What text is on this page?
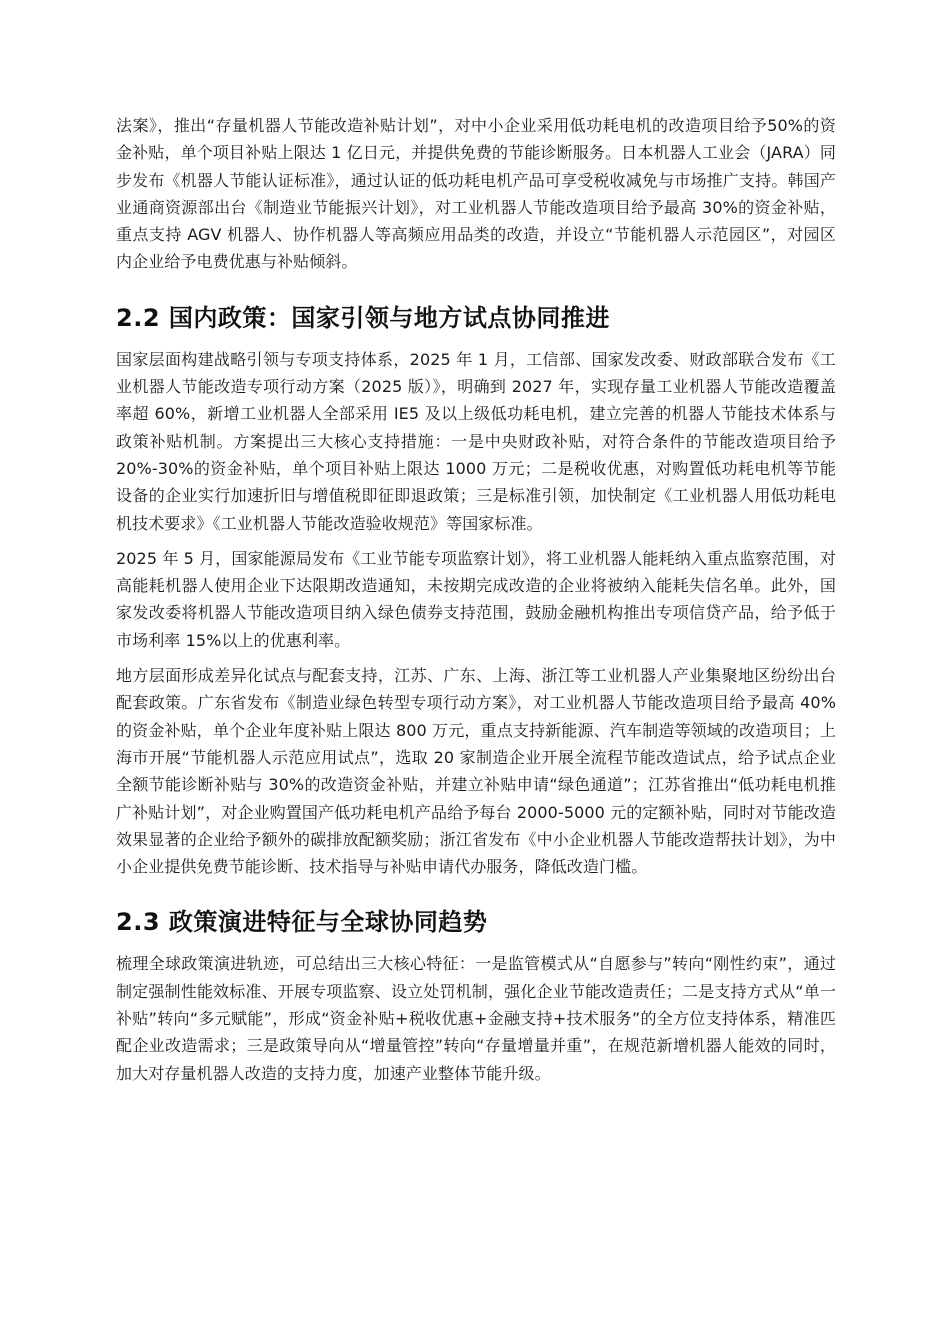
法案》，推出“存量机器人节能改造补贴计划”，对中小企业采用低功耗电机的改造项目给予50%的资金补贴，单个项目补贴上限达 1 亿日元，并提供免费的节能诊断服务。日本机器人工业会（JARA）同步发布《机器人节能认证标准》，通过认证的低功耗电机产品可享受税收减免与市场推广支持。韩国产业通商资源部出台《制造业节能振兴计划》，对工业机器人节能改造项目给予最高 30%的资金补贴，重点支持 AGV 机器人、协作机器人等高频应用品类的改造，并设立“节能机器人示范园区”，对园区内企业给予电费优惠与补贴倾斜。

2.2 国内政策：国家引领与地方试点协同推进

国家层面构建战略引领与专项支持体系，2025 年 1 月，工信部、国家发改委、财政部联合发布《工业机器人节能改造专项行动方案（2025 版）》，明确到 2027 年，实现存量工业机器人节能改造覆盖率超 60%，新增工业机器人全部采用 IE5 及以上级低功耗电机，建立完善的机器人节能技术体系与政策补贴机制。方案提出三大核心支持措施：一是中央财政补贴，对符合条件的节能改造项目给予 20%-30%的资金补贴，单个项目补贴上限达 1000 万元；二是税收优惠，对购置低功耗电机等节能设备的企业实行加速折旧与增值税即征即退政策；三是标准引领，加快制定《工业机器人用低功耗电机技术要求》《工业机器人节能改造验收规范》等国家标准。

2025 年 5 月，国家能源局发布《工业节能专项监察计划》，将工业机器人能耗纳入重点监察范围，对高能耗机器人使用企业下达限期改造通知，未按期完成改造的企业将被纳入能耗失信名单。此外，国家发改委将机器人节能改造项目纳入绿色债券支持范围，鼓励金融机构推出专项信贷产品，给予低于市场利率 15%以上的优惠利率。

地方层面形成差异化试点与配套支持，江苏、广东、上海、浙江等工业机器人产业集聚地区纷纷出台配套政策。广东省发布《制造业绿色转型专项行动方案》，对工业机器人节能改造项目给予最高 40%的资金补贴，单个企业年度补贴上限达 800 万元，重点支持新能源、汽车制造等领域的改造项目；上海市开展“节能机器人示范应用试点”，选取 20 家制造企业开展全流程节能改造试点，给予试点企业全额节能诊断补贴与 30%的改造资金补贴，并建立补贴申请“绿色通道”；江苏省推出“低功耗电机推广补贴计划”，对企业购置国产低功耗电机产品给予每台 2000-5000 元的定额补贴，同时对节能改造效果显著的企业给予额外的碳排放配额奖励；浙江省发布《中小企业机器人节能改造帮扶计划》，为中小企业提供免费节能诊断、技术指导与补贴申请代办服务，降低改造门槛。

2.3 政策演进特征与全球协同趋势

梳理全球政策演进轨迹，可总结出三大核心特征：一是监管模式从“自愿参与”转向“刚性约束”，通过制定强制性能效标准、开展专项监察、设立处罚机制，强化企业节能改造责任；二是支持方式从“单一补贴”转向“多元赋能”，形成“资金补贴+税收优惠+金融支持+技术服务”的全方位支持体系，精准匹配企业改造需求；三是政策导向从“增量管控”转向“存量增量并重”，在规范新增机器人能效的同时，加大对存量机器人改造的支持力度，加速产业整体节能升级。
